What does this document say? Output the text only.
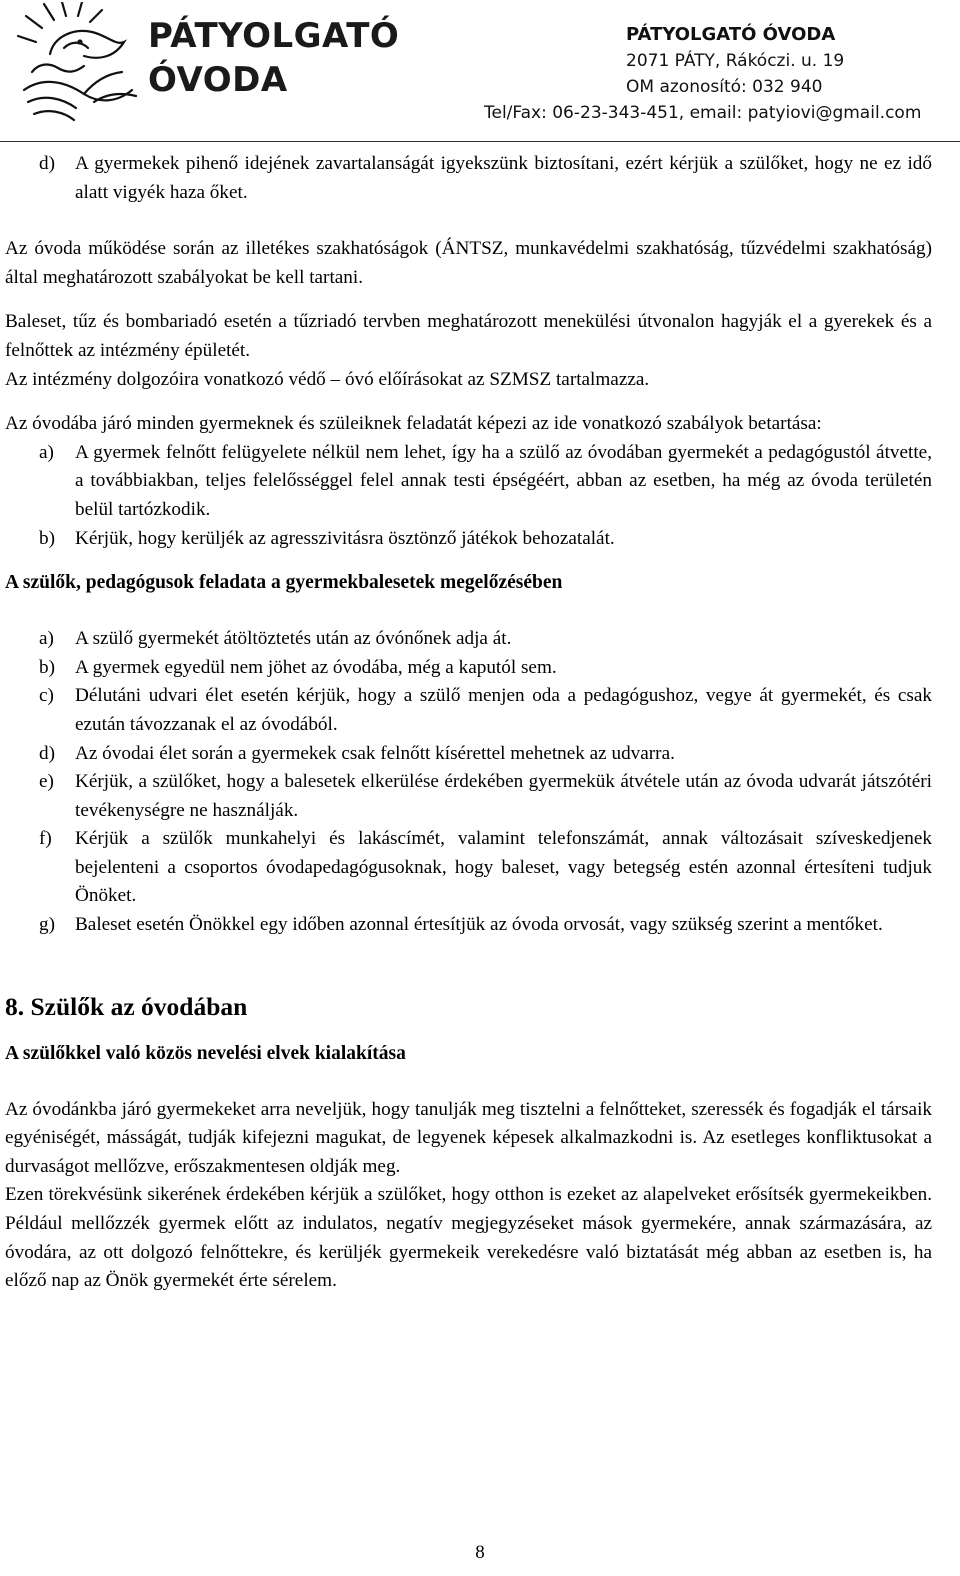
PÁTYOLGATÓ
ÓVODA
PÁTYOLGATÓ ÓVODA
2071 PÁTY, Rákóczi. u. 19
OM azonosító: 032 940
Tel/Fax: 06-23-343-451, email: patyiovi@gmail.com
d)	A gyermekek pihenő idejének zavartalanságát igyekszünk biztosítani, ezért kérjük a szülőket, hogy ne ez idő alatt vigyék haza őket.

Az óvoda működése során az illetékes szakhatóságok (ÁNTSZ, munkavédelmi szakhatóság, tűzvédelmi szakhatóság) által meghatározott szabályokat be kell tartani.

Baleset, tűz és bombariadó esetén a tűzriadó tervben meghatározott menekülési útvonalon hagyják el a gyerekek és a felnőttek az intézmény épületét.

Az intézmény dolgozóira vonatkozó védő – óvó előírásokat az SZMSZ tartalmazza.

Az óvodába járó minden gyermeknek és szüleiknek feladatát képezi az ide vonatkozó szabályok betartása:

a)	A gyermek felnőtt felügyelete nélkül nem lehet, így ha a szülő az óvodában gyermekét a pedagógustól átvette, a továbbiakban, teljes felelősséggel felel annak testi épségéért, abban az esetben, ha még az óvoda területén belül tartózkodik.
b)	Kérjük, hogy kerüljék az agresszivitásra ösztönző játékok behozatalát.

A szülők, pedagógusok feladata a gyermekbalesetek megelőzésében

a)	A szülő gyermekét átöltöztetés után az óvónőnek adja át.
b)	A gyermek egyedül nem jöhet az óvodába, még a kaputól sem.
c)	Délutáni udvari élet esetén kérjük, hogy a szülő menjen oda a pedagógushoz, vegye át gyermekét, és csak ezután távozzanak el az óvodából.
d)	Az óvodai élet során a gyermekek csak felnőtt kísérettel mehetnek az udvarra.
e)	Kérjük, a szülőket, hogy a balesetek elkerülése érdekében gyermekük átvétele után az óvoda udvarát játszótéri tevékenységre ne használják.
f)	Kérjük a szülők munkahelyi és lakáscímét, valamint telefonszámát, annak változásait szíveskedjenek bejelenteni a csoportos óvodapedagógusoknak, hogy baleset, vagy betegség estén azonnal értesíteni tudjuk Önöket.
g)	Baleset esetén Önökkel egy időben azonnal értesítjük az óvoda orvosát, vagy szükség szerint a mentőket.

8. Szülők az óvodában

A szülőkkel való közös nevelési elvek kialakítása

Az óvodánkba járó gyermekeket arra neveljük, hogy tanulják meg tisztelni a felnőtteket, szeressék és fogadják el társaik egyéniségét, másságát, tudják kifejezni magukat, de legyenek képesek alkalmazkodni is. Az esetleges konfliktusokat a durvaságot mellőzve, erőszakmentesen oldják meg.

Ezen törekvésünk sikerének érdekében kérjük a szülőket, hogy otthon is ezeket az alapelveket erősítsék gyermekeikben. Például mellőzzék gyermek előtt az indulatos, negatív megjegyzéseket mások gyermekére, annak származására, az óvodára, az ott dolgozó felnőttekre, és kerüljék gyermekeik verekedésre való biztatását még abban az esetben is, ha előző nap az Önök gyermekét érte sérelem.

8
